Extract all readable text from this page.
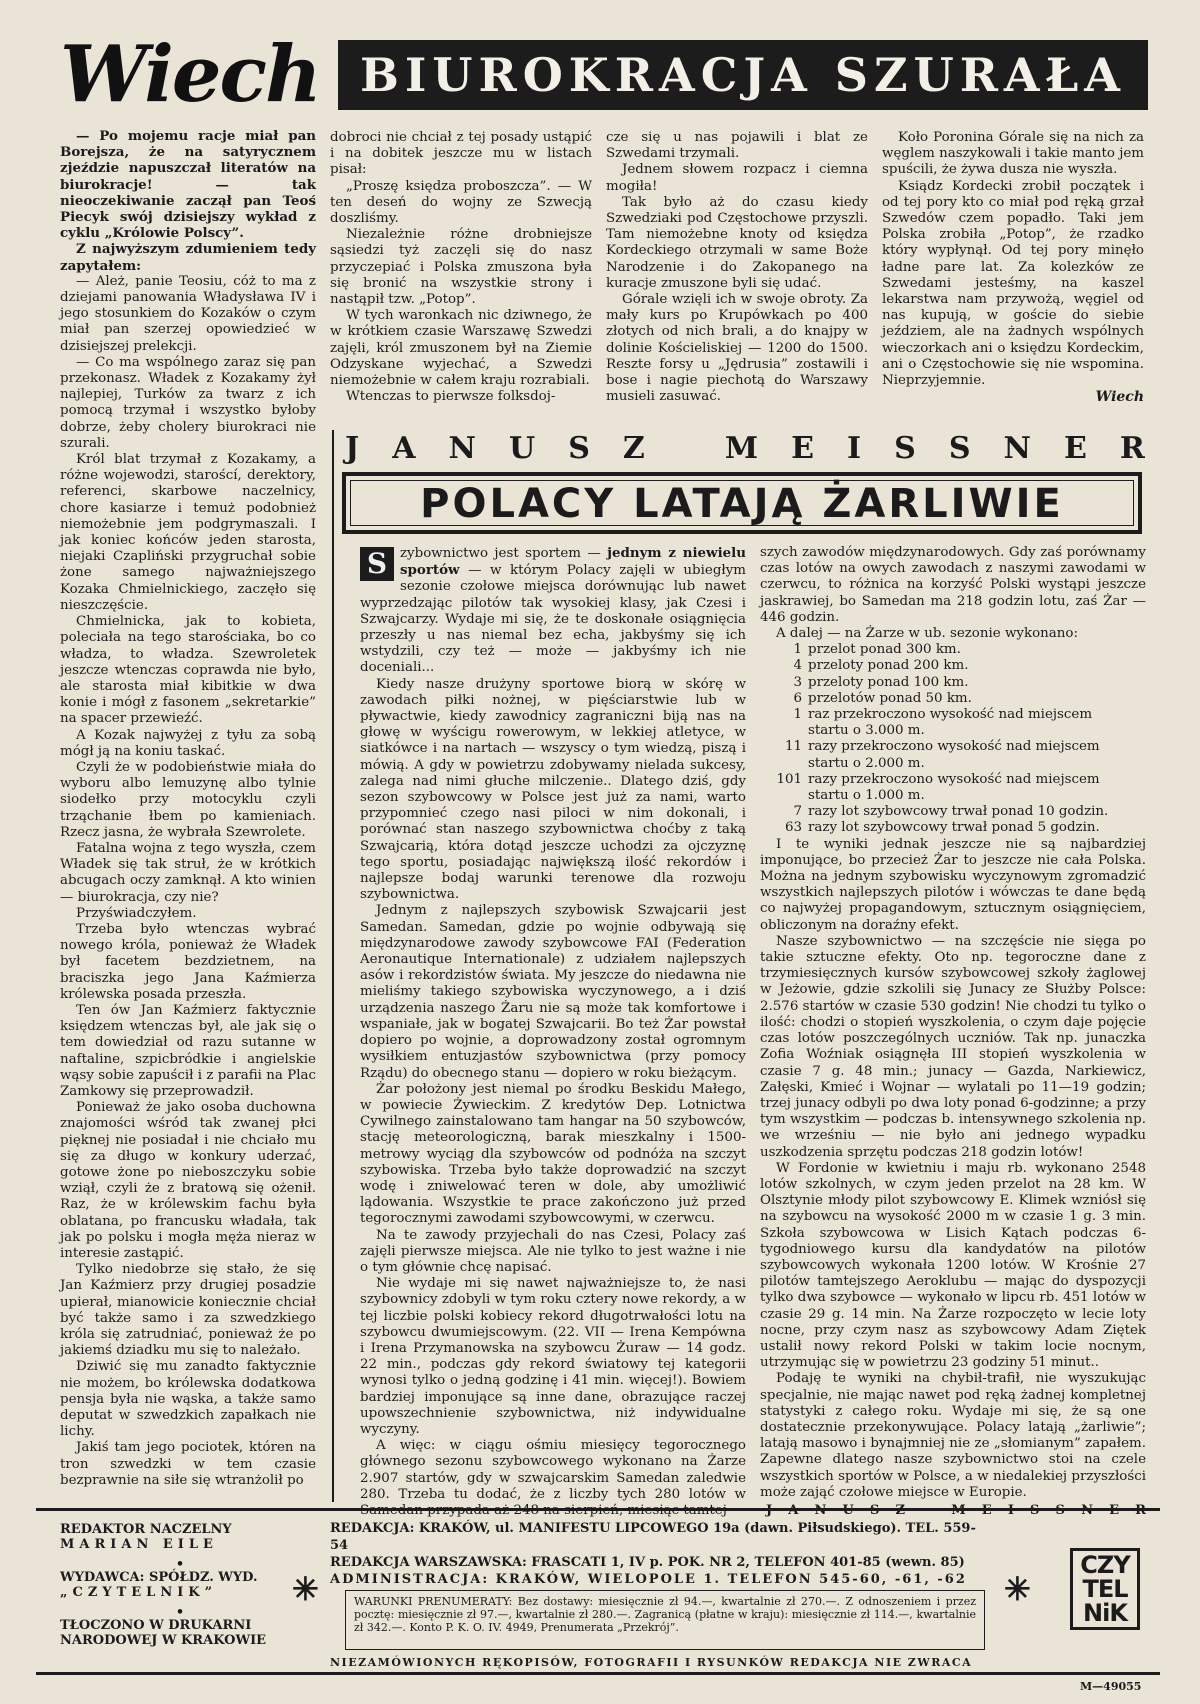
Wiech BIUROKRACJA SZURAŁA

— Po mojemu racje miał pan Borejsza, że na satyrycznem zjeździe napuszczał literatów na biurokracje! — tak nieoczekiwanie zaczął pan Teoś Piecyk swój dzisiejszy wykład z cyklu „Królowie Polscy”.

Z najwyższym zdumieniem tedy zapytałem:

— Ależ, panie Teosiu, cóż to ma z dziejami panowania Władysława IV i jego stosunkiem do Kozaków o czym miał pan szerzej opowiedzieć w dzisiejszej prelekcji.

— Co ma wspólnego zaraz się pan przekonasz. Władek z Kozakamy żył najlepiej, Turków za twarz z ich pomocą trzymał i wszystko byłoby dobrze, żeby cholery biurokraci nie szurali.

Król blat trzymał z Kozakamy, a różne wojewodzi, staroścí, derektory, referenci, skarbowe naczelnicy, chore kasiarze i temuż podobnież niemożebnie jem podgrymaszali. I jak koniec końców jeden starosta, niejaki Czapliński przygruchał sobie żone samego najważniejszego Kozaka Chmielnickiego, zaczęło się nieszczęście.

Chmielnicka, jak to kobieta, poleciała na tego starościaka, bo co władza, to władza. Szewroletek jeszcze wtenczas coprawda nie było, ale starosta miał kibitkie w dwa konie i mógł z fasonem „sekretarkie” na spacer przewieźć.

A Kozak najwyżej z tyłu za sobą mógł ją na koniu taskać.

Czyli że w podobieństwie miała do wyboru albo lemuzynę albo tylnie siodełko przy motocyklu czyli trząchanie łbem po kamieniach. Rzecz jasna, że wybrała Szewrolete.

Fatalna wojna z tego wyszła, czem Władek się tak struł, że w krótkich abcugach oczy zamknął. A kto winien — biurokracja, czy nie?

Przyświadczyłem.

Trzeba było wtenczas wybrać nowego króla, ponieważ że Władek był facetem bezdzietnem, na braciszka jego Jana Kaźmierza królewska posada przeszła.

Ten ów Jan Kaźmierz faktycznie księdzem wtenczas był, ale jak się o tem dowiedział od razu sutanne w naftaline, szpicbródkie i angielskie wąsy sobie zapuścił i z parafii na Plac Zamkowy się przeprowadził.

Ponieważ że jako osoba duchowna znajomości wśród tak zwanej płci pięknej nie posiadał i nie chciało mu się za długo w konkury uderzać, gotowe żone po nieboszczyku sobie wziął, czyli że z bratową się ożenił. Raz, że w królewskim fachu była oblatana, po francusku władała, tak jak po polsku i mogła męża nieraz w interesie zastąpić.

Tylko niedobrze się stało, że się Jan Kaźmierz przy drugiej posadzie upierał, mianowicie koniecznie chciał być także samo i za szwedzkiego króla się zatrudniać, ponieważ że po jakiemś dziadku mu się to należało.

Dziwić się mu zanadto faktycznie nie możem, bo królewska dodatkowa pensja była nie wąska, a także samo deputat w szwedzkich zapałkach nie lichy.

Jakiś tam jego pociotek, któren na tron szwedzki w tem czasie bezprawnie na siłe się wtranżolił po

dobroci nie chciał z tej posady ustąpić i na dobitek jeszcze mu w listach pisał:

„Proszę księdza proboszcza”. — W ten deseń do wojny ze Szwecją doszliśmy.

Niezależnie różne drobniejsze sąsiedzi tyż zaczęli się do nasz przyczepiać i Polska zmuszona była się bronić na wszystkie strony i nastąpił tzw. „Potop”.

W tych waronkach nic dziwnego, że w krótkiem czasie Warszawę Szwedzi zajęli, król zmuszonem był na Ziemie Odzyskane wyjechać, a Szwedzi niemożebnie w całem kraju rozrabiali.

Wtenczas to pierwsze folksdoj-

cze się u nas pojawili i blat ze Szwedami trzymali.

Jednem słowem rozpacz i ciemna mogiła!

Tak było aż do czasu kiedy Szwedziaki pod Częstochowe przyszli. Tam niemożebne knoty od księdza Kordeckiego otrzymali w same Boże Narodzenie i do Zakopanego na kuracje zmuszone byli się udać.

Górale wzięli ich w swoje obroty. Za mały kurs po Krupówkach po 400 złotych od nich brali, a do knajpy w dolinie Kościeliskiej — 1200 do 1500. Reszte forsy u „Jędrusia” zostawili i bose i nagie piechotą do Warszawy musieli zasuwać.

Koło Poronina Górale się na nich za węglem naszykowali i takie manto jem spuścili, że żywa dusza nie wyszła.

Ksiądz Kordecki zrobił początek i od tej pory kto co miał pod ręką grzał Szwedów czem popadło. Taki jem Polska zrobiła „Potop”, że rzadko który wypłynął. Od tej pory minęło ładne pare lat. Za kolezków ze Szwedami jesteśmy, na kaszel lekarstwa nam przywożą, węgiel od nas kupują, w goście do siebie jeździem, ale na żadnych wspólnych wieczorkach ani o księdzu Kordeckim, ani o Częstochowie się nie wspomina. Nieprzyjemnie.

Wiech
J A N U S Z	M E I S S N E R
POLACY LATAJĄ ŻARLIWIE

S zybownictwo jest sportem — jednym z niewielu sportów — w którym Polacy zajęli w ubiegłym sezonie czołowe miejsca dorównując lub nawet wyprzedzając pilotów tak wysokiej klasy, jak Czesi i Szwajcarzy. Wydaje mi się, że te doskonałe osiągnięcia przeszły u nas niemal bez echa, jakbyśmy się ich wstydzili, czy też — może — jakbyśmy ich nie doceniali...

Kiedy nasze drużyny sportowe biorą w skórę w zawodach piłki nożnej, w pięściarstwie lub w pływactwie, kiedy zawodnicy zagraniczni biją nas na głowę w wyścigu rowerowym, w lekkiej atletyce, w siatkówce i na nartach — wszyscy o tym wiedzą, piszą i mówią. A gdy w powietrzu zdobywamy nielada sukcesy, zalega nad nimi głuche milczenie.. Dlatego dziś, gdy sezon szybowcowy w Polsce jest już za nami, warto przypomnieć czego nasi piloci w nim dokonali, i porównać stan naszego szybownictwa choćby z taką Szwajcarią, która dotąd jeszcze uchodzi za ojczyznę tego sportu, posiadając największą ilość rekordów i najlepsze bodaj warunki terenowe dla rozwoju szybownictwa.

Jednym z najlepszych szybowisk Szwajcarii jest Samedan. Samedan, gdzie po wojnie odbywają się międzynarodowe zawody szybowcowe FAI (Federation Aeronautique Internationale) z udziałem najlepszych asów i rekordzistów świata. My jeszcze do niedawna nie mieliśmy takiego szybowiska wyczynowego, a i dziś urządzenia naszego Żaru nie są może tak komfortowe i wspaniałe, jak w bogatej Szwajcarii. Bo też Żar powstał dopiero po wojnie, a doprowadzony został ogromnym wysiłkiem entuzjastów szybownictwa (przy pomocy Rządu) do obecnego stanu — dopiero w roku bieżącym.

Żar położony jest niemal po środku Beskidu Małego, w powiecie Żywieckim. Z kredytów Dep. Lotnictwa Cywilnego zainstalowano tam hangar na 50 szybowców, stację meteorologiczną, barak mieszkalny i 1500-metrowy wyciąg dla szybowców od podnóża na szczyt szybowiska. Trzeba było także doprowadzić na szczyt wodę i zniwelować teren w dole, aby umożliwić lądowania. Wszystkie te prace zakończono już przed tegorocznymi zawodami szybowcowymi, w czerwcu.

Na te zawody przyjechali do nas Czesi, Polacy zaś zajęli pierwsze miejsca. Ale nie tylko to jest ważne i nie o tym głównie chcę napisać.

Nie wydaje mi się nawet najważniejsze to, że nasi szybownicy zdobyli w tym roku cztery nowe rekordy, a w tej liczbie polski kobiecy rekord długotrwałości lotu na szybowcu dwumiejscowym. (22. VII — Irena Kempówna i Irena Przymanowska na szybowcu Żuraw — 14 godz. 22 min., podczas gdy rekord światowy tej kategorii wynosi tylko o jedną godzinę i 41 min. więcej!). Bowiem bardziej imponujące są inne dane, obrazujące raczej upowszechnienie szybownictwa, niż indywidualne wyczyny.

A więc: w ciągu ośmiu miesięcy tegorocznego głównego sezonu szybowcowego wykonano na Żarze 2.907 startów, gdy w szwajcarskim Samedan zaledwie 280. Trzeba tu dodać, że z liczby tych 280 lotów w

szych zawodów międzynarodowych. Gdy zaś porównamy czas lotów na owych zawodach z naszymi zawodami w czerwcu, to różnica na korzyść Polski wystąpi jeszcze jaskrawiej, bo Samedan ma 218 godzin lotu, zaś Żar — 446 godzin.

A dalej — na Żarze w ub. sezonie wykonano:

1 przelot ponad 300 km.
4 przeloty ponad 200 km.
3 przeloty ponad 100 km.
6 przelotów ponad 50 km.
1 raz przekroczono wysokość nad miejscem
startu o 3.000 m.
11 razy przekroczono wysokość nad miejscem
startu o 2.000 m.
101 razy przekroczono wysokość nad miejscem
startu o 1.000 m.
7 razy lot szybowcowy trwał ponad 10 godzin.
63 razy lot szybowcowy trwał ponad 5 godzin.

I te wyniki jednak jeszcze nie są najbardziej imponujące, bo przecież Żar to jeszcze nie cała Polska. Można na jednym szybowisku wyczynowym zgromadzić wszystkich najlepszych pilotów i wówczas te dane będą co najwyżej propagandowym, sztucznym osiągnięciem, obliczonym na doraźny efekt.

Nasze szybownictwo — na szczęście nie sięga po takie sztuczne efekty. Oto np. tegoroczne dane z trzymiesięcznych kursów szybowcowej szkoły żaglowej w Jeżowie, gdzie szkolili się Junacy ze Służby Polsce: 2.576 startów w czasie 530 godzin! Nie chodzi tu tylko o ilość: chodzi o stopień wyszkolenia, o czym daje pojęcie czas lotów poszczególnych uczniów. Tak np. junaczka Zofia Woźniak osiągnęła III stopień wyszkolenia w czasie 7 g. 48 min.; junacy — Gazda, Narkiewicz, Załęski, Kmieć i Wojnar — wylatali po 11—19 godzin; trzej junacy odbyli po dwa loty ponad 6-godzinne; a przy tym wszystkim — podczas b. intensywnego szkolenia np. we wrześniu — nie było ani jednego wypadku uszkodzenia sprzętu podczas 218 godzin lotów!

W Fordonie w kwietniu i maju rb. wykonano 2548 lotów szkolnych, w czym jeden przelot na 28 km. W Olsztynie młody pilot szybowcowy E. Klimek wzniósł się na szybowcu na wysokość 2000 m w czasie 1 g. 3 min. Szkoła szybowcowa w Lisich Kątach podczas 6-tygodniowego kursu dla kandydatów na pilotów szybowcowych wykonała 1200 lotów. W Krośnie 27 pilotów tamtejszego Aeroklubu — mając do dyspozycji tylko dwa szybowce — wykonało w lipcu rb. 451 lotów w czasie 29 g. 14 min. Na Żarze rozpoczęto w lecie loty nocne, przy czym nasz as szybowcowy Adam Ziętek ustalił nowy rekord Polski w takim locie nocnym, utrzymując się w powietrzu 23 godziny 51 minut..

Podaję te wyniki na chybił-trafił, nie wyszukując specjalnie, nie mając nawet pod ręką żadnej kompletnej statystyki z całego roku. Wydaje mi się, że są one dostatecznie przekonywujące. Polacy latają „żarliwie”; latają masowo i bynajmniej nie ze „słomianym” zapałem. Zapewne dlatego nasze szybownictwo stoi na czele wszystkich sportów w Polsce, a w niedalekiej przyszłości może zająć czołowe miejsce w Europie.

REDAKTOR NACZELNY
MARIAN EILE
•
WYDAWCA: SPÓŁDZ. WYD.
„CZYTELNIK”
•
TŁOCZONO W DRUKARNI
NARODOWEJ W KRAKOWIE
✳	✳
REDAKCJA: KRAKÓW, ul. MANIFESTU LIPCOWEGO 19a (dawn. Piłsudskiego). TEL. 559-54
REDAKCJA WARSZAWSKA: FRASCATI 1, IV p. POK. NR 2, TELEFON 401-85 (wewn. 85)
ADMINISTRACJA: KRAKÓW, WIELOPOLE 1. TELEFON 545-60, -61, -62
WARUNKI PRENUMERATY: Bez dostawy: miesięcznie zł 94.—, kwartalnie zł 270.—. Z odnoszeniem i przez pocztę: miesięcznie zł 97.—, kwartalnie zł 280.—. Zagranicą (płatne w kraju): miesięcznie zł 114.—, kwartalnie zł 342.—. Konto P. K. O. IV. 4949, Prenumerata „Przekrój”.
NIEZAMÓWIONYCH RĘKOPISÓW, FOTOGRAFII I RYSUNKÓW REDAKCJA NIE ZWRACA
CZY
TEL
NiK
M—49055
